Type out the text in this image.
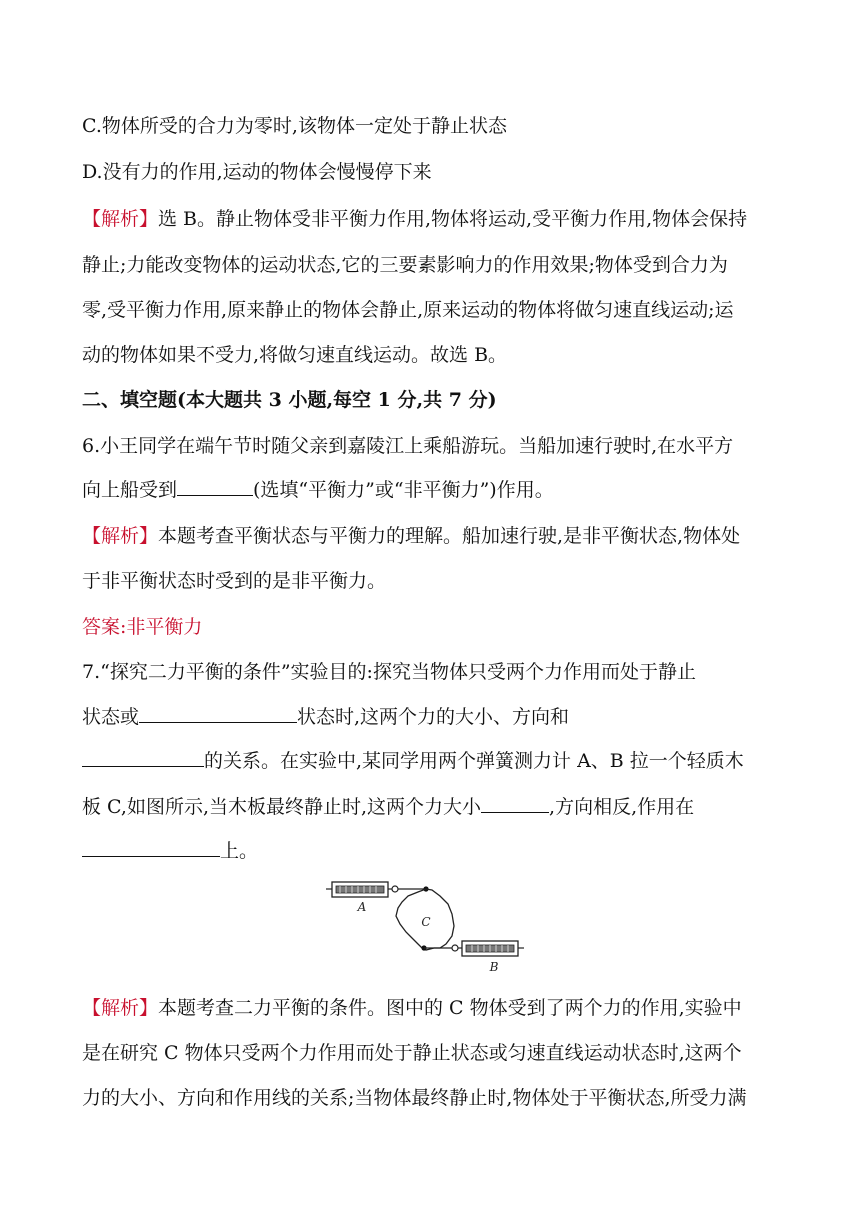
C.物体所受的合力为零时,该物体一定处于静止状态
D.没有力的作用,运动的物体会慢慢停下来
【解析】选 B。静止物体受非平衡力作用,物体将运动,受平衡力作用,物体会保持
静止;力能改变物体的运动状态,它的三要素影响力的作用效果;物体受到合力为
零,受平衡力作用,原来静止的物体会静止,原来运动的物体将做匀速直线运动;运
动的物体如果不受力,将做匀速直线运动。故选 B。
二、填空题(本大题共 3 小题,每空 1 分,共 7 分)
6.小王同学在端午节时随父亲到嘉陵江上乘船游玩。当船加速行驶时,在水平方
向上船受到	(选填“平衡力”或“非平衡力”)作用。
【解析】本题考查平衡状态与平衡力的理解。船加速行驶,是非平衡状态,物体处
于非平衡状态时受到的是非平衡力。
答案:非平衡力
7.“探究二力平衡的条件”实验目的:探究当物体只受两个力作用而处于静止
状态或	状态时,这两个力的大小、方向和
的关系。在实验中,某同学用两个弹簧测力计 A、B 拉一个轻质木
板 C,如图所示,当木板最终静止时,这两个力大小	,方向相反,作用在
上。
A
C
B
【解析】本题考查二力平衡的条件。图中的 C 物体受到了两个力的作用,实验中
是在研究 C 物体只受两个力作用而处于静止状态或匀速直线运动状态时,这两个
力的大小、方向和作用线的关系;当物体最终静止时,物体处于平衡状态,所受力满
